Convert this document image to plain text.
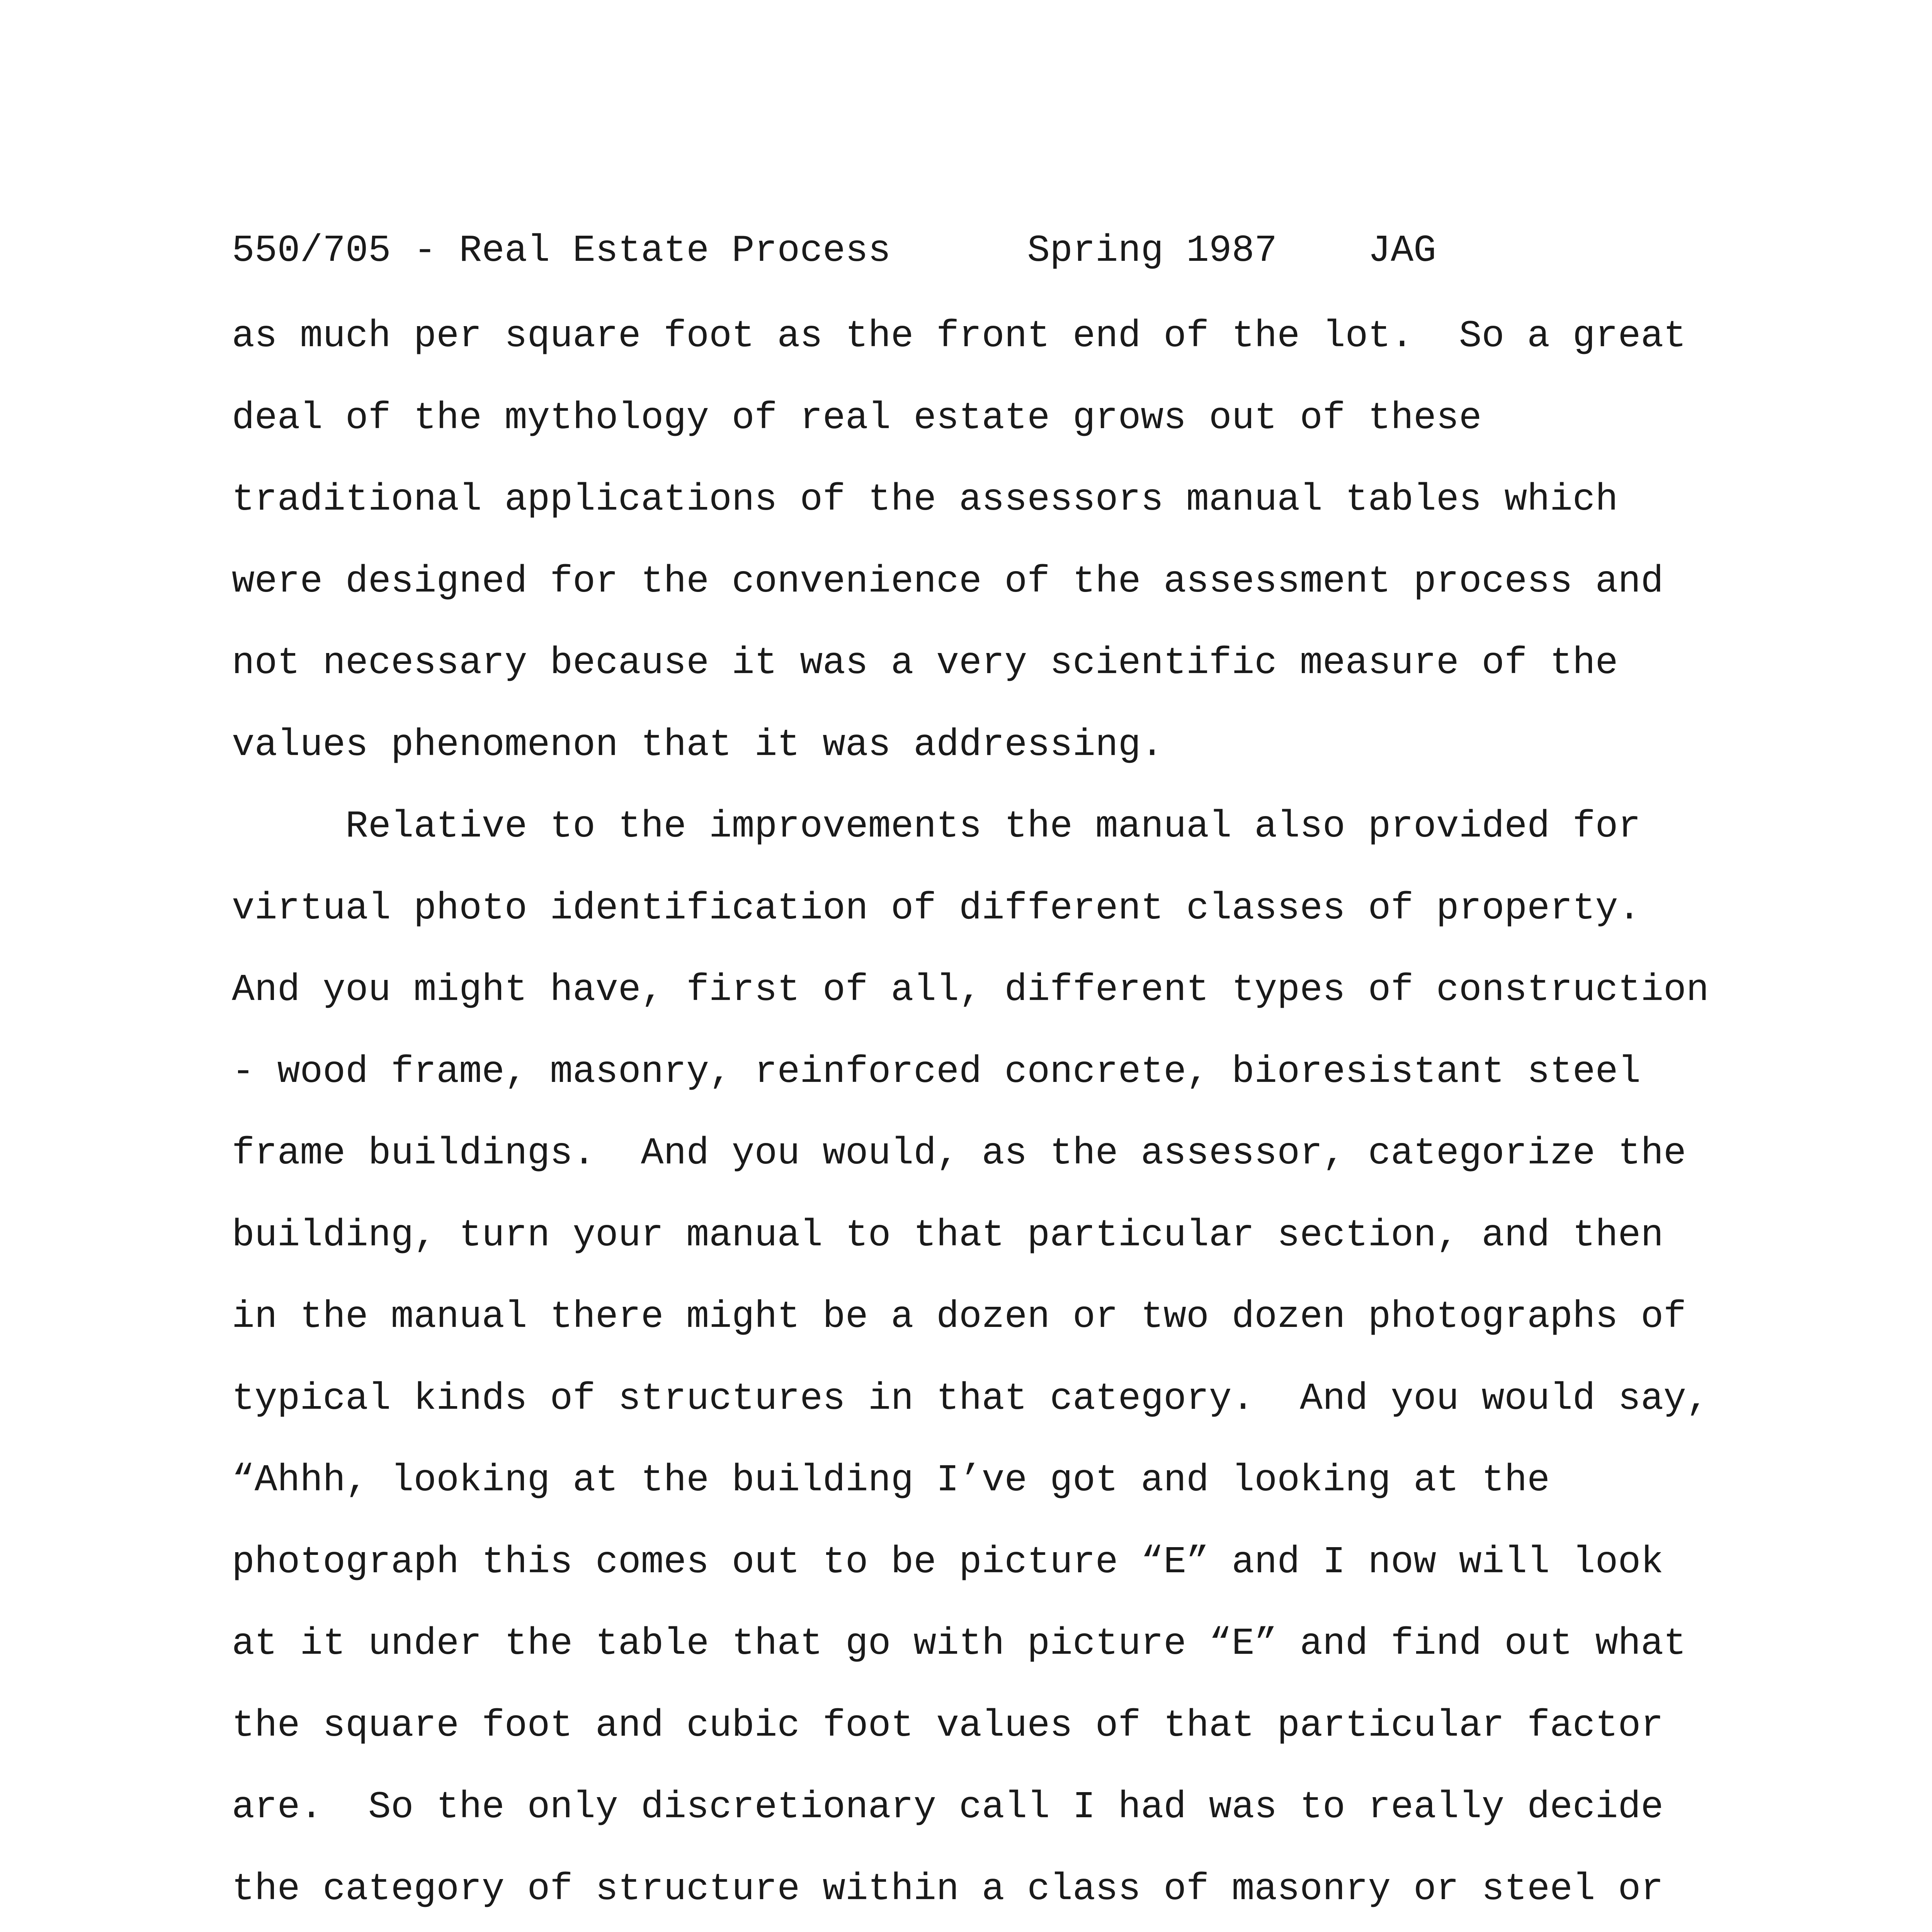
550/705 - Real Estate Process      Spring 1987    JAG
as much per square foot as the front end of the lot.  So a great
deal of the mythology of real estate grows out of these
traditional applications of the assessors manual tables which
were designed for the convenience of the assessment process and
not necessary because it was a very scientific measure of the
values phenomenon that it was addressing.
Relative to the improvements the manual also provided for
virtual photo identification of different classes of property.
And you might have, first of all, different types of construction
- wood frame, masonry, reinforced concrete, bioresistant steel
frame buildings.  And you would, as the assessor, categorize the
building, turn your manual to that particular section, and then
in the manual there might be a dozen or two dozen photographs of
typical kinds of structures in that category.  And you would say,
“Ahhh, looking at the building I’ve got and looking at the
photograph this comes out to be picture “E” and I now will look
at it under the table that go with picture “E” and find out what
the square foot and cubic foot values of that particular factor
are.  So the only discretionary call I had was to really decide
the category of structure within a class of masonry or steel or
